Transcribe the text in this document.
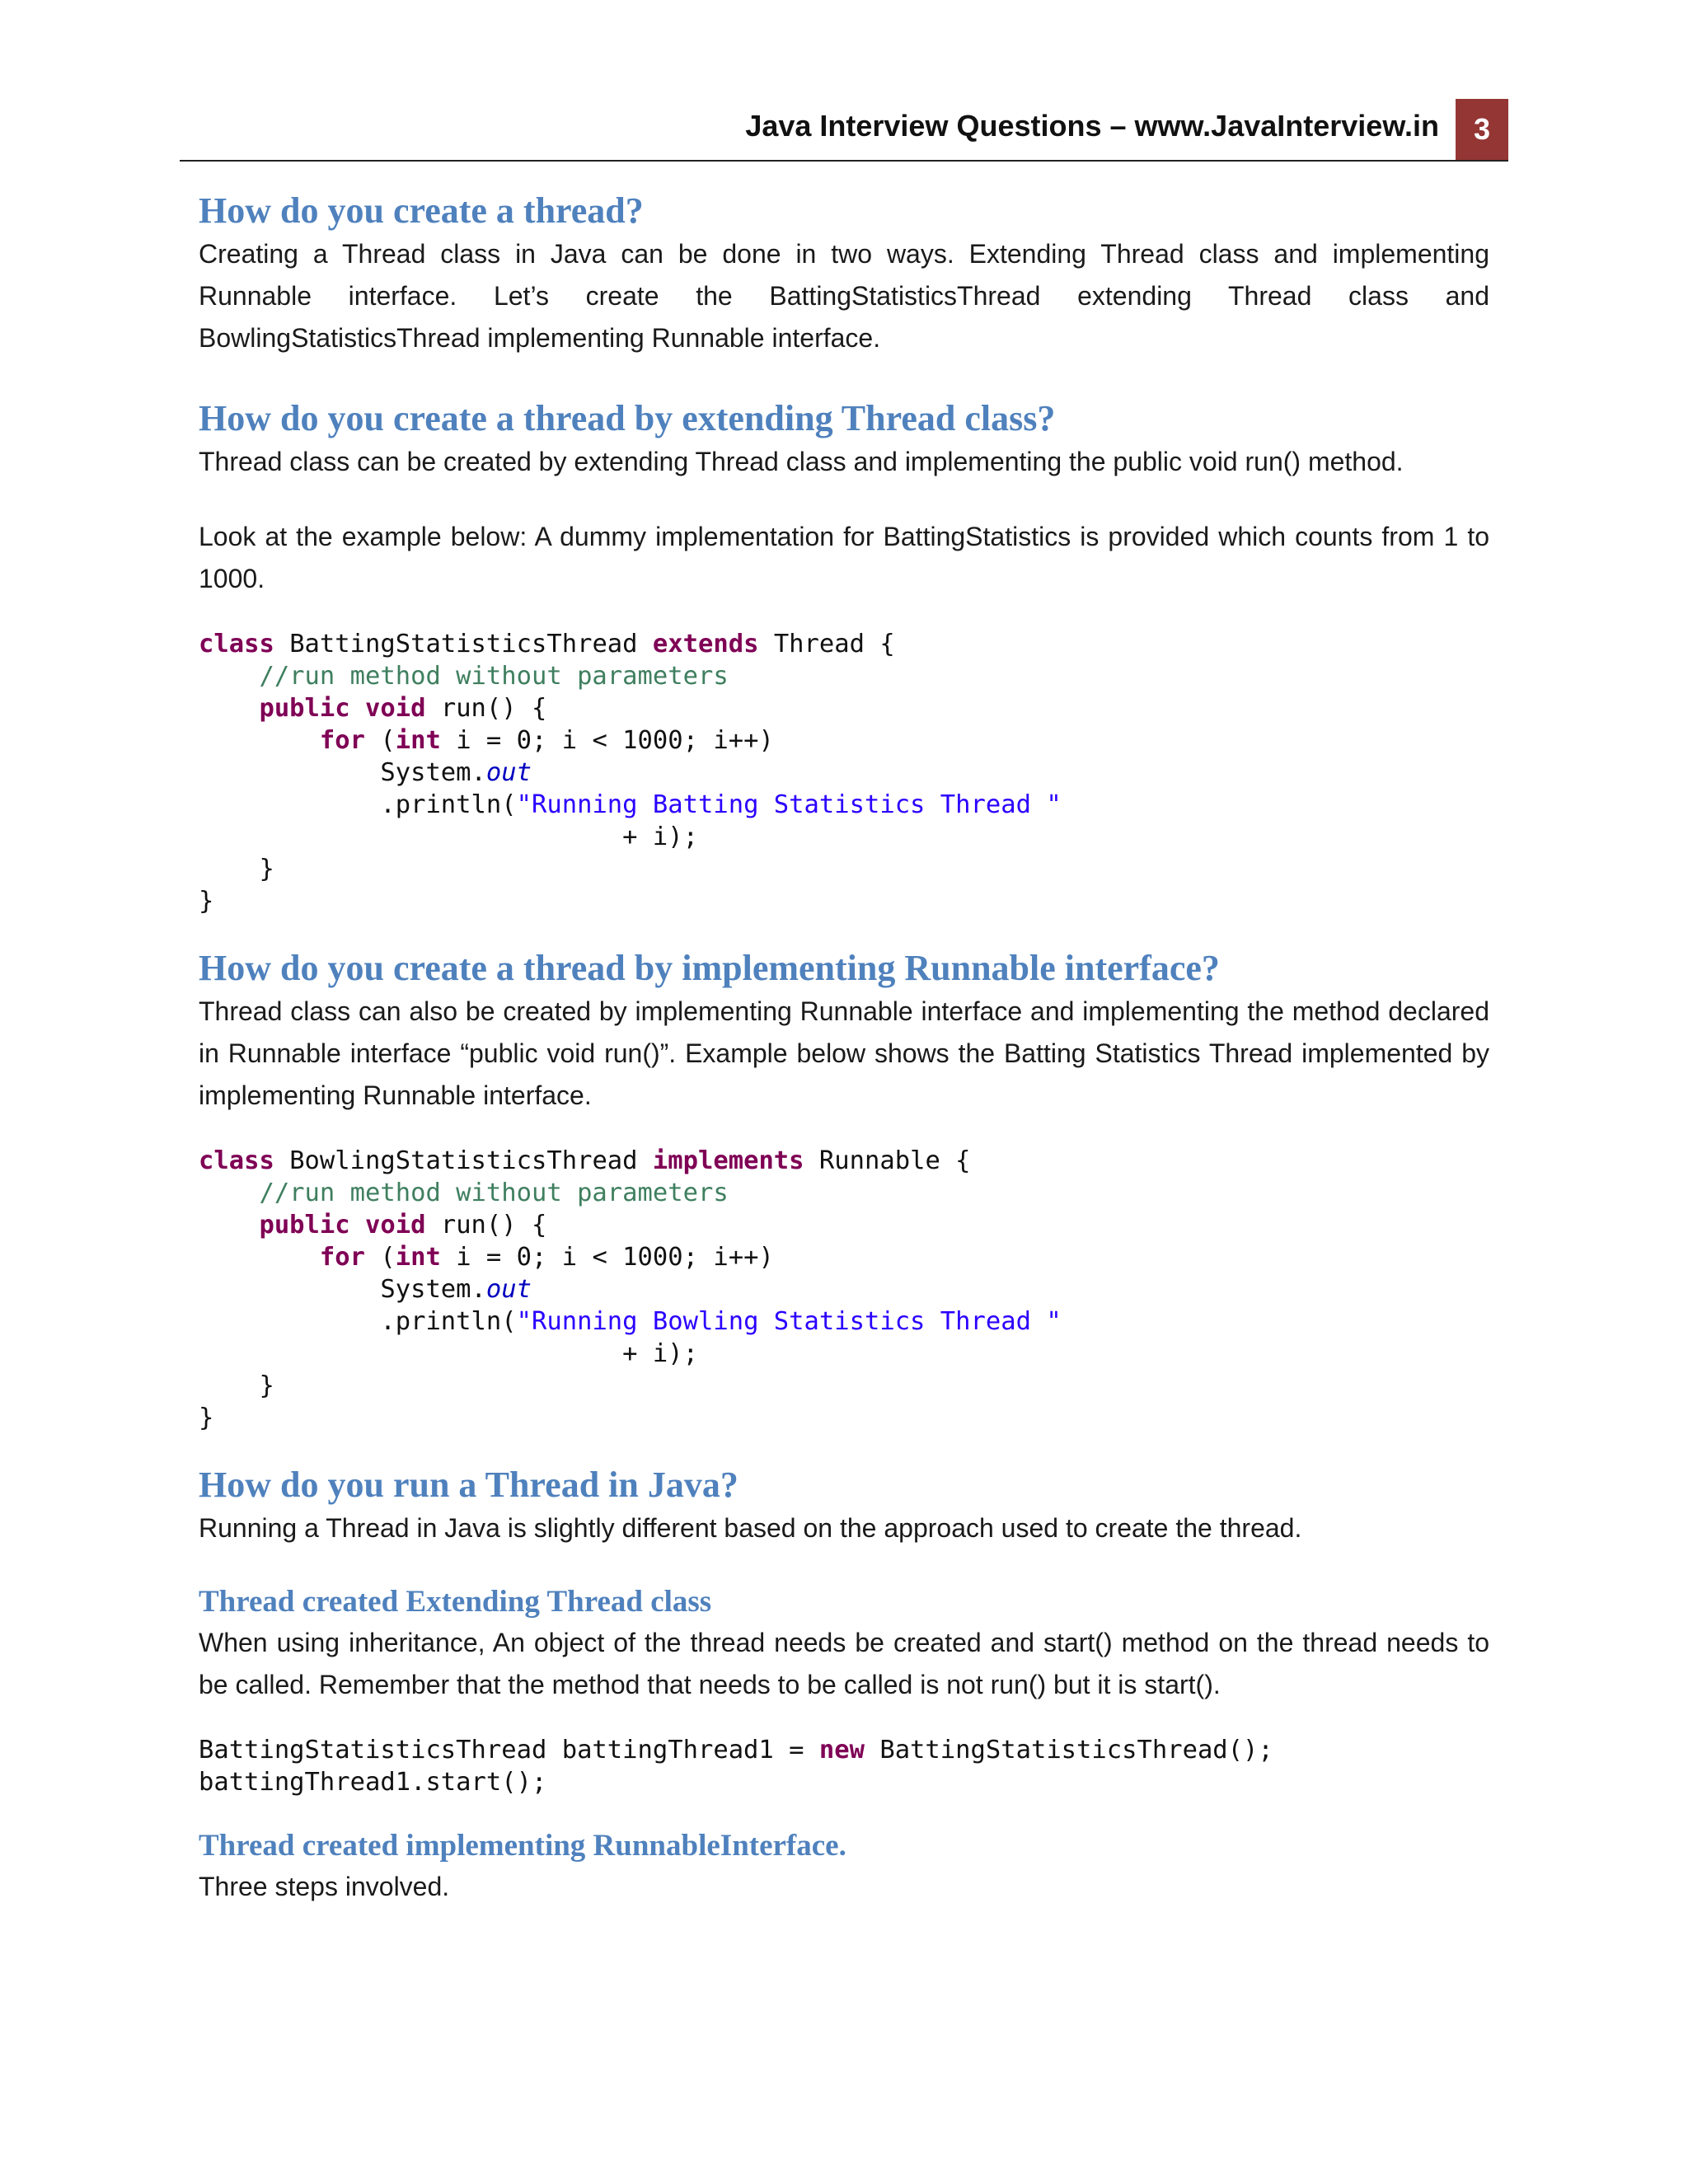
Java Interview Questions – www.JavaInterview.in	3
How do you create a thread?

Creating a Thread class in Java can be done in two ways. Extending Thread class and implementing Runnable interface. Let’s create the BattingStatisticsThread extending Thread class and BowlingStatisticsThread implementing Runnable interface.

How do you create a thread by extending Thread class?

Thread class can be created by extending Thread class and implementing the public void run() method.

Look at the example below: A dummy implementation for BattingStatistics is provided which counts from 1 to 1000.

class BattingStatisticsThread extends Thread {
//run method without parameters
public void run() {
for (int i = 0; i < 1000; i++)
System.out
.println("Running Batting Statistics Thread "
+ i);
}
}
How do you create a thread by implementing Runnable interface?

Thread class can also be created by implementing Runnable interface and implementing the method declared in Runnable interface “public void run()”. Example below shows the Batting Statistics Thread implemented by implementing Runnable interface.

class BowlingStatisticsThread implements Runnable {
//run method without parameters
public void run() {
for (int i = 0; i < 1000; i++)
System.out
.println("Running Bowling Statistics Thread "
+ i);
}
}
How do you run a Thread in Java?

Running a Thread in Java is slightly different based on the approach used to create the thread.

Thread created Extending Thread class

When using inheritance, An object of the thread needs be created and start() method on the thread needs to be called. Remember that the method that needs to be called is not run() but it is start().

BattingStatisticsThread battingThread1 = new BattingStatisticsThread();
battingThread1.start();
Thread created implementing RunnableInterface.

Three steps involved.
